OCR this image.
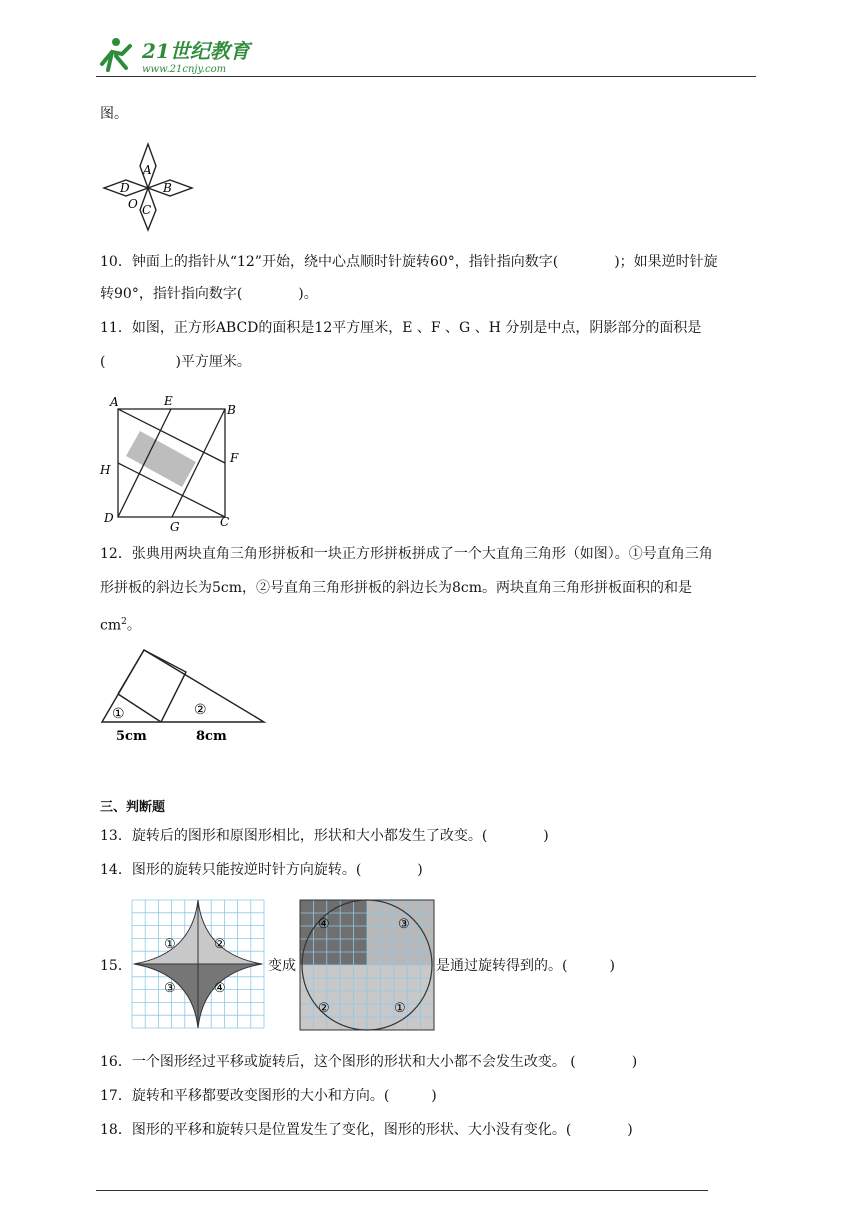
21世纪教育
www.21cnjy.com
图。
A
B
C
D
O
10．钟面上的指针从“12”开始，绕中心点顺时针旋转60°，指针指向数字(　　　　)；如果逆时针旋
转90°，指针指向数字(　　　　)。
11．如图，正方形ABCD的面积是12平方厘米，E 、F 、G 、H 分别是中点，阴影部分的面积是
(　　　　　)平方厘米。
A	E
B
H
F
D
G	C
12．张典用两块直角三角形拼板和一块正方形拼板拼成了一个大直角三角形（如图）。①号直角三角
形拼板的斜边长为5cm，②号直角三角形拼板的斜边长为8cm。两块直角三角形拼板面积的和是
$cm^2$。
①	②
5cm	8cm
三、判断题
13．旋转后的图形和原图形相比，形状和大小都发生了改变。(　　　　)
14．图形的旋转只能按逆时针方向旋转。(　　　　)
15．
①	②
③	④
变成
④	③
②	①
是通过旋转得到的。(　　　)
16．一个图形经过平移或旋转后，这个图形的形状和大小都不会发生改变。 (　　　　)
17．旋转和平移都要改变图形的大小和方向。(　　　)
18．图形的平移和旋转只是位置发生了变化，图形的形状、大小没有变化。(　　　　)
